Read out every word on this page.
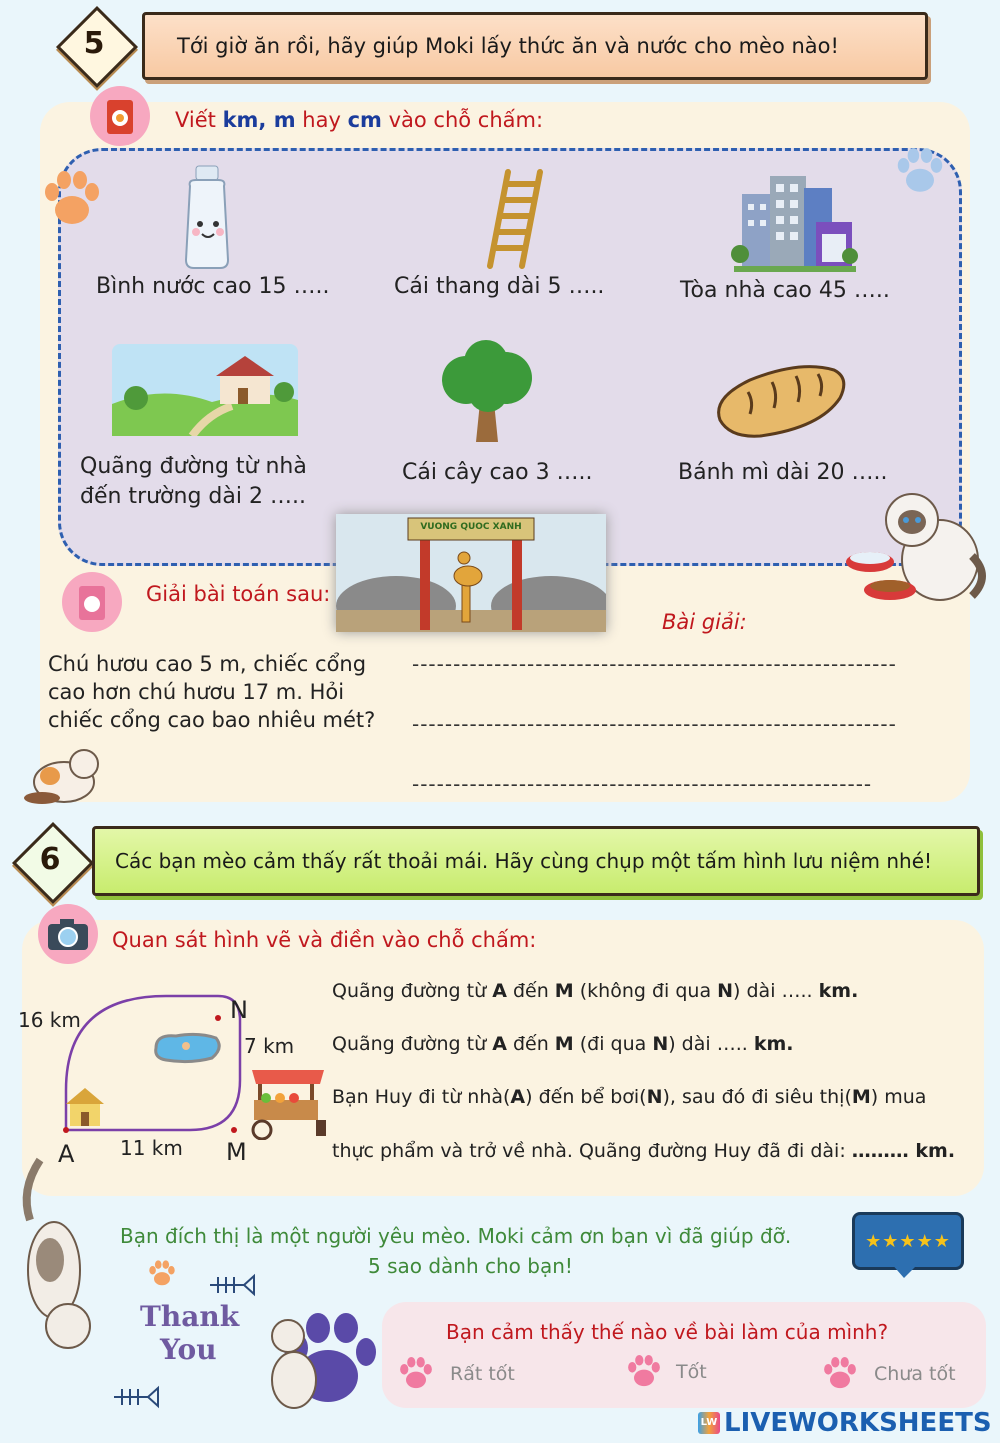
5	Tới giờ ăn rồi, hãy giúp Moki lấy thức ăn và nước cho mèo nào!
Viết km, m hay cm vào chỗ chấm:
Bình nước cao 15 …..	Cái thang dài 5 …..	Tòa nhà cao 45 …..
Quãng đường từ nhà
đến trường dài 2 …..
Cái cây cao 3 …..	Bánh mì dài 20 …..
VUONG QUOC XANH
Giải bài toán sau:
Bài giải:
Chú hươu cao 5 m, chiếc cổng
cao hơn chú hươu 17 m. Hỏi
chiếc cổng cao bao nhiêu mét?
-----------------------------------------------------------
-----------------------------------------------------------
--------------------------------------------------------
6	Các bạn mèo cảm thấy rất thoải mái. Hãy cùng chụp một tấm hình lưu niệm nhé!
Quan sát hình vẽ và điền vào chỗ chấm:
16 km
7 km
11 km
A	M
N
Quãng đường từ A đến M (không đi qua N) dài ….. km.
Quãng đường từ A đến M (đi qua N) dài ….. km.
Bạn Huy đi từ nhà(A) đến bể bơi(N), sau đó đi siêu thị(M) mua
thực phẩm và trở về nhà. Quãng đường Huy đã đi dài: ……… km.
Bạn đích thị là một người yêu mèo. Moki cảm ơn bạn vì đã giúp đỡ.
5 sao dành cho bạn!
★★★★★
Thank
You
Bạn cảm thấy thế nào về bài làm của mình?
Rất tốt	Tốt	Chưa tốt
LW LIVEWORKSHEETS
